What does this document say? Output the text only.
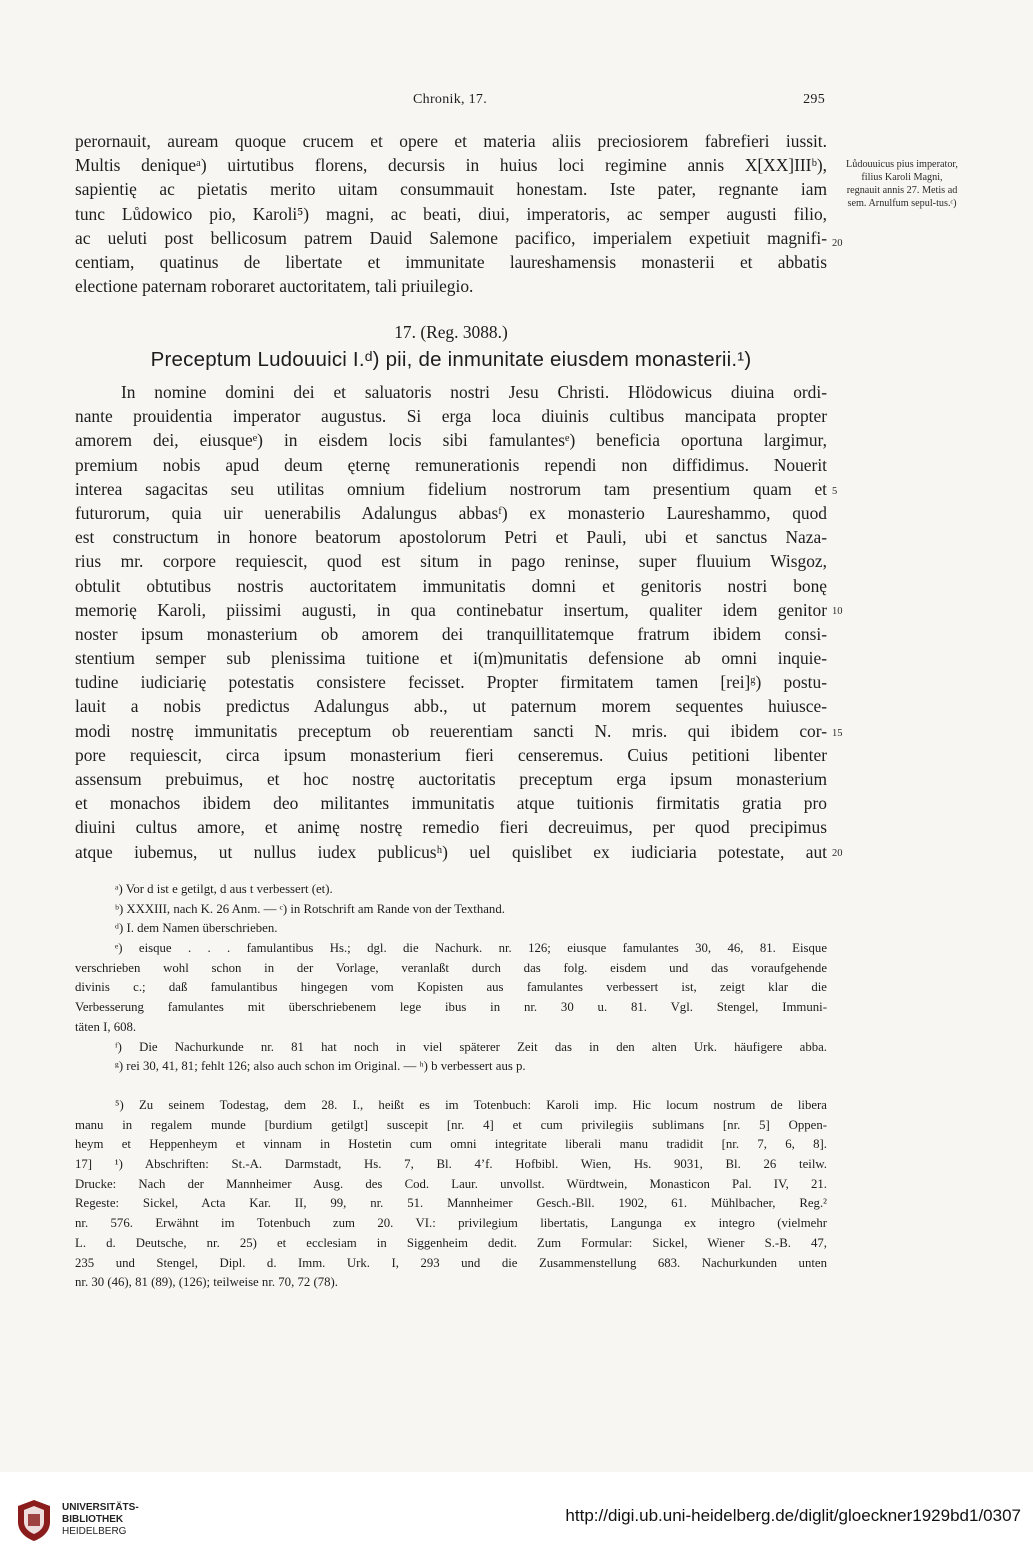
Chronik, 17.	295
perornauit, auream quoque crucem et opere et materia aliis preciosiorem fabrefieri iussit.
Multis deniqueᵃ) uirtutibus florens, decursis in huius loci regimine annis X[XX]IIIᵇ),
sapientię ac pietatis merito uitam consummauit honestam. Iste pater, regnante iam
tunc Lůdowico pio, Karoli⁵) magni, ac beati, diui, imperatoris, ac semper augusti filio,
ac ueluti post bellicosum patrem Dauid Salemone pacifico, imperialem expetiuit magnifi-
centiam, quatinus de libertate et immunitate laureshamensis monasterii et abbatis
electione paternam roboraret auctoritatem, tali priuilegio.
Lůdouuicus pius imperator, filius Karoli Magni, regnauit annis 27. Metis ad sem. Arnulfum sepul-tus.ᶜ)
20
17. (Reg. 3088.)
Preceptum Ludouuici I.ᵈ) pii, de inmunitate eiusdem monasterii.¹)
In nomine domini dei et saluatoris nostri Jesu Christi. Hlödowicus diuina ordi-
nante prouidentia imperator augustus. Si erga loca diuinis cultibus mancipata propter
amorem dei, eiusqueᵉ) in eisdem locis sibi famulantesᵉ) beneficia oportuna largimur,
premium nobis apud deum ęternę remunerationis rependi non diffidimus. Nouerit
interea sagacitas seu utilitas omnium fidelium nostrorum tam presentium quam et
futurorum, quia uir uenerabilis Adalungus abbasᶠ) ex monasterio Laureshammo, quod
est constructum in honore beatorum apostolorum Petri et Pauli, ubi et sanctus Naza-
rius mr. corpore requiescit, quod est situm in pago reninse, super fluuium Wisgoz,
obtulit obtutibus nostris auctoritatem immunitatis domni et genitoris nostri bonę
memorię Karoli, piissimi augusti, in qua continebatur insertum, qualiter idem genitor
noster ipsum monasterium ob amorem dei tranquillitatemque fratrum ibidem consi-
stentium semper sub plenissima tuitione et i(m)munitatis defensione ab omni inquie-
tudine iudiciarię potestatis consistere fecisset. Propter firmitatem tamen [rei]ᵍ) postu-
lauit a nobis predictus Adalungus abb., ut paternum morem sequentes huiusce-
modi nostrę immunitatis preceptum ob reuerentiam sancti N. mris. qui ibidem cor-
pore requiescit, circa ipsum monasterium fieri censeremus. Cuius petitioni libenter
assensum prebuimus, et hoc nostrę auctoritatis preceptum erga ipsum monasterium
et monachos ibidem deo militantes immunitatis atque tuitionis firmitatis gratia pro
diuini cultus amore, et animę nostrę remedio fieri decreuimus, per quod precipimus
atque iubemus, ut nullus iudex publicusʰ) uel quislibet ex iudiciaria potestate, aut
5
10
15
20
ᵃ) Vor d ist e getilgt, d aus t verbessert (et).
ᵇ) XXXIII, nach K. 26 Anm. — ᶜ) in Rotschrift am Rande von der Texthand.
ᵈ) I. dem Namen überschrieben.
ᵉ) eisque . . . famulantibus Hs.; dgl. die Nachurk. nr. 126; eiusque famulantes 30, 46, 81. Eisque
verschrieben wohl schon in der Vorlage, veranlaßt durch das folg. eisdem und das voraufgehende
divinis c.; daß famulantibus hingegen vom Kopisten aus famulantes verbessert ist, zeigt klar die
Verbesserung famulantes mit überschriebenem lege ibus in nr. 30 u. 81. Vgl. Stengel, Immuni-
täten I, 608.
ᶠ) Die Nachurkunde nr. 81 hat noch in viel späterer Zeit das in den alten Urk. häufigere abba.
ᵍ) rei 30, 41, 81; fehlt 126; also auch schon im Original. — ʰ) b verbessert aus p.
⁵) Zu seinem Todestag, dem 28. I., heißt es im Totenbuch: Karoli imp. Hic locum nostrum de libera
manu in regalem munde [burdium getilgt] suscepit [nr. 4] et cum privilegiis sublimans [nr. 5] Oppen-
heym et Heppenheym et vinnam in Hostetin cum omni integritate liberali manu tradidit [nr. 7, 6, 8].
17] ¹) Abschriften: St.-A. Darmstadt, Hs. 7, Bl. 4’f. Hofbibl. Wien, Hs. 9031, Bl. 26 teilw.
Drucke: Nach der Mannheimer Ausg. des Cod. Laur. unvollst. Würdtwein, Monasticon Pal. IV, 21.
Regeste: Sickel, Acta Kar. II, 99, nr. 51. Mannheimer Gesch.-Bll. 1902, 61. Mühlbacher, Reg.²
nr. 576. Erwähnt im Totenbuch zum 20. VI.: privilegium libertatis, Langunga ex integro (vielmehr
L. d. Deutsche, nr. 25) et ecclesiam in Siggenheim dedit. Zum Formular: Sickel, Wiener S.-B. 47,
235 und Stengel, Dipl. d. Imm. Urk. I, 293 und die Zusammenstellung 683. Nachurkunden unten
nr. 30 (46), 81 (89), (126); teilweise nr. 70, 72 (78).
UNIVERSITÄTS-
BIBLIOTHEK
HEIDELBERG
http://digi.ub.uni-heidelberg.de/diglit/gloeckner1929bd1/0307
